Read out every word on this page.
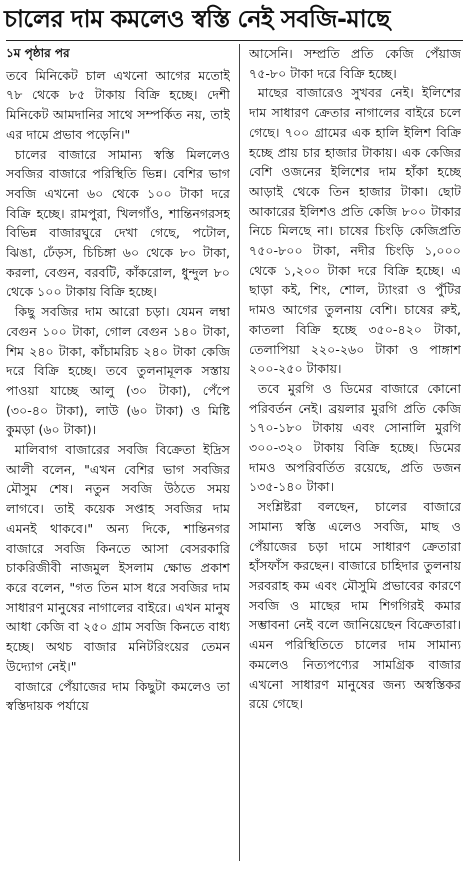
চালের দাম কমলেও স্বস্তি নেই সবজি-মাছে
১ম পৃষ্ঠার পর

তবে মিনিকেট চাল এখনো আগের মতোই ৭৮ থেকে ৮৫ টাকায় বিক্রি হচ্ছে। দেশী মিনিকেট আমদানির সাথে সম্পর্কিত নয়, তাই এর দামে প্রভাব পড়েনি।"

চালের বাজারে সামান্য স্বস্তি মিললেও সবজির বাজারে পরিস্থিতি ভিন্ন। বেশির ভাগ সবজি এখনো ৬০ থেকে ১০০ টাকা দরে বিক্রি হচ্ছে। রামপুরা, খিলগাঁও, শান্তিনগরসহ বিভিন্ন বাজারঘুরে দেখা গেছে, পটোল, ঝিঙা, ঢেঁড়স, চিচিঙ্গা ৬০ থেকে ৮০ টাকা, করলা, বেগুন, বরবটি, কাঁকরোল, ধুন্দুল ৮০ থেকে ১০০ টাকায় বিক্রি হচ্ছে।

কিছু সবজির দাম আরো চড়া। যেমন লম্বা বেগুন ১০০ টাকা, গোল বেগুন ১৪০ টাকা, শিম ২৪০ টাকা, কাঁচামরিচ ২৪০ টাকা কেজি দরে বিক্রি হচ্ছে। তবে তুলনামূলক সস্তায় পাওয়া যাচ্ছে আলু (৩০ টাকা), পেঁপে (৩০-৪০ টাকা), লাউ (৬০ টাকা) ও মিষ্টি কুমড়া (৬০ টাকা)।

মালিবাগ বাজারের সবজি বিক্রেতা ইদ্রিস আলী বলেন, "এখন বেশির ভাগ সবজির মৌসুম শেষ। নতুন সবজি উঠতে সময় লাগবে। তাই কয়েক সপ্তাহ সবজির দাম এমনই থাকবে।" অন্য দিকে, শান্তিনগর বাজারে সবজি কিনতে আসা বেসরকারি চাকরিজীবী নাজমুল ইসলাম ক্ষোভ প্রকাশ করে বলেন, "গত তিন মাস ধরে সবজির দাম সাধারণ মানুষের নাগালের বাইরে। এখন মানুষ আধা কেজি বা ২৫০ গ্রাম সবজি কিনতে বাধ্য হচ্ছে। অথচ বাজার মনিটরিংয়ের তেমন উদ্যোগ নেই।"

বাজারে পেঁয়াজের দাম কিছুটা কমলেও তা স্বস্তিদায়ক পর্যায়ে

আসেনি। সম্প্রতি প্রতি কেজি পেঁয়াজ ৭৫-৮০ টাকা দরে বিক্রি হচ্ছে।

মাছের বাজারেও সুখবর নেই। ইলিশের দাম সাধারণ ক্রেতার নাগালের বাইরে চলে গেছে। ৭০০ গ্রামের এক হালি ইলিশ বিক্রি হচ্ছে প্রায় চার হাজার টাকায়। এক কেজির বেশি ওজনের ইলিশের দাম হাঁকা হচ্ছে আড়াই থেকে তিন হাজার টাকা। ছোট আকারের ইলিশও প্রতি কেজি ৮০০ টাকার নিচে মিলছে না। চাষের চিংড়ি কেজিপ্রতি ৭৫০-৮০০ টাকা, নদীর চিংড়ি ১,০০০ থেকে ১,২০০ টাকা দরে বিক্রি হচ্ছে। এ ছাড়া কই, শিং, শোল, ট্যাংরা ও পুঁটির দামও আগের তুলনায় বেশি। চাষের রুই, কাতলা বিক্রি হচ্ছে ৩৫০-৪২০ টাকা, তেলাপিয়া ২২০-২৬০ টাকা ও পাঙ্গাশ ২০০-২৫০ টাকায়।

তবে মুরগি ও ডিমের বাজারে কোনো পরিবর্তন নেই। ব্রয়লার মুরগি প্রতি কেজি ১৭০-১৮০ টাকায় এবং সোনালি মুরগি ৩০০-৩২০ টাকায় বিক্রি হচ্ছে। ডিমের দামও অপরিবর্তিত রয়েছে, প্রতি ডজন ১৩৫-১৪০ টাকা।

সংশ্লিষ্টরা বলছেন, চালের বাজারে সামান্য স্বস্তি এলেও সবজি, মাছ ও পেঁয়াজের চড়া দামে সাধারণ ক্রেতারা হাঁসফাঁস করছেন। বাজারে চাহিদার তুলনায় সরবরাহ কম এবং মৌসুমি প্রভাবের কারণে সবজি ও মাছের দাম শিগগিরই কমার সম্ভাবনা নেই বলে জানিয়েছেন বিক্রেতারা। এমন পরিস্থিতিতে চালের দাম সামান্য কমলেও নিত্যপণ্যের সামগ্রিক বাজার এখনো সাধারণ মানুষের জন্য অস্বস্তিকর রয়ে গেছে।
